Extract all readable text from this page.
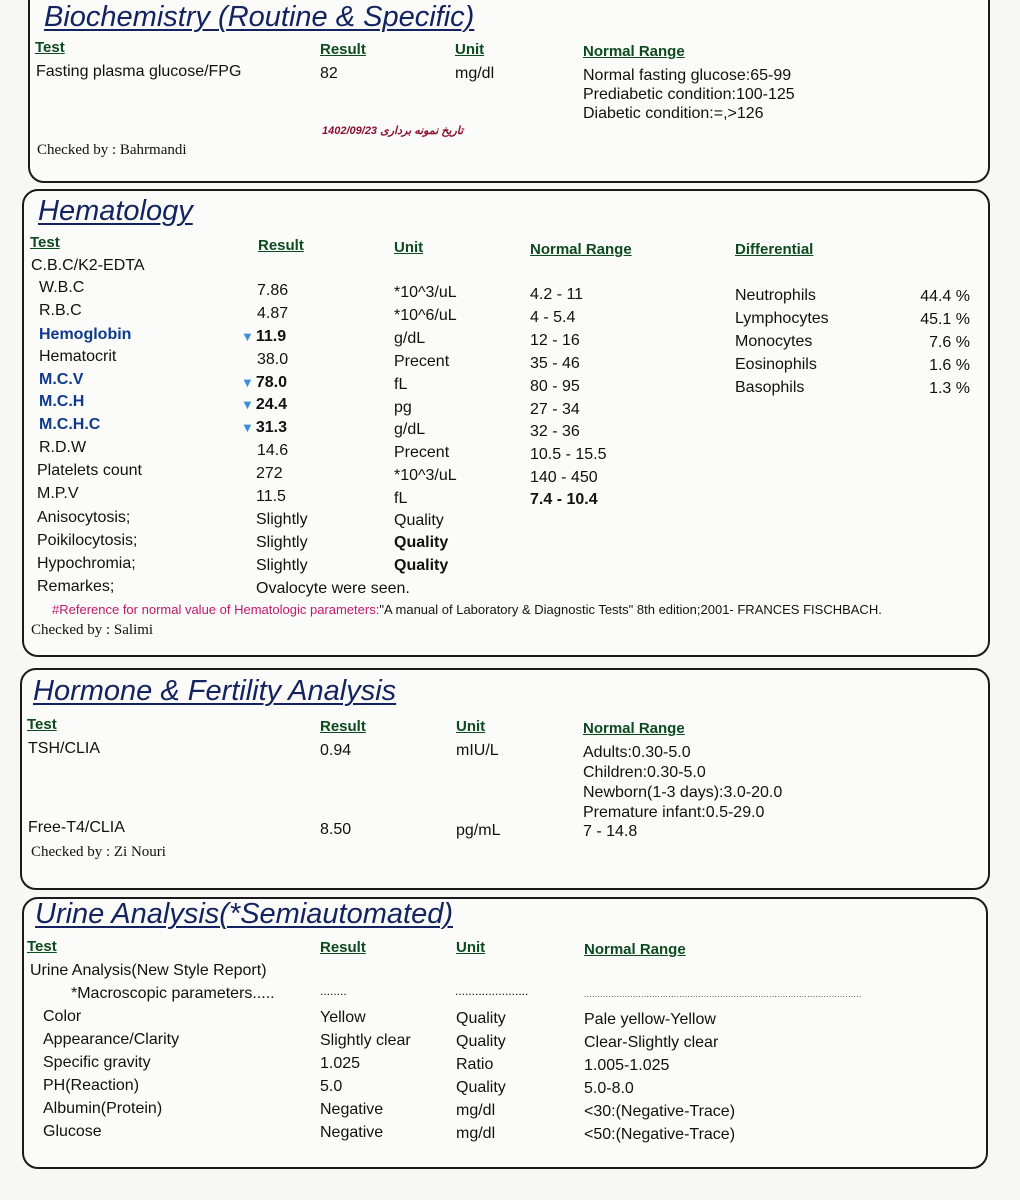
Biochemistry (Routine & Specific)
Test	Result	Unit	Normal Range
Fasting plasma glucose/FPG	82	mg/dl	Normal fasting glucose:65-99
Prediabetic condition:100-125
Diabetic condition:=,>126
1402/09/23 تاریخ نمونه برداری
Checked by : Bahrmandi
Hematology
Test	Result	Unit	Normal Range	Differential
C.B.C/K2-EDTA
W.B.C	7.86	*10^3/uL	4.2 - 11
R.B.C	4.87	*10^6/uL	4 - 5.4
Hemoglobin	▼ 11.9	g/dL	12 - 16
Hematocrit	38.0	Precent	35 - 46
M.C.V	▼ 78.0	fL	80 - 95
M.C.H	▼ 24.4	pg	27 - 34
M.C.H.C	▼ 31.3	g/dL	32 - 36
R.D.W	14.6	Precent	10.5 - 15.5
Platelets count	272	*10^3/uL	140 - 450
M.P.V	11.5	fL	7.4 - 10.4
Anisocytosis;	Slightly	Quality
Poikilocytosis;	Slightly	Quality
Hypochromia;	Slightly	Quality
Remarkes;	Ovalocyte were seen.
Neutrophils	44.4 %
Lymphocytes	45.1 %
Monocytes	7.6 %
Eosinophils	1.6 %
Basophils	1.3 %
#Reference for normal value of Hematologic parameters:"A manual of Laboratory & Diagnostic Tests" 8th edition;2001- FRANCES FISCHBACH.
Checked by : Salimi
Hormone & Fertility Analysis
Test	Result	Unit	Normal Range
TSH/CLIA	0.94	mIU/L	Adults:0.30-5.0
Children:0.30-5.0
Newborn(1-3 days):3.0-20.0
Premature infant:0.5-29.0
Free-T4/CLIA	8.50	pg/mL	7 - 14.8
Checked by : Zi Nouri
Urine Analysis(*Semiautomated)
Test	Result	Unit	Normal Range
Urine Analysis(New Style Report)
*Macroscopic parameters.....	........	......................	......................................................................................................
Color	Yellow	Quality	Pale yellow-Yellow
Appearance/Clarity	Slightly clear	Quality	Clear-Slightly clear
Specific gravity	1.025	Ratio	1.005-1.025
PH(Reaction)	5.0	Quality	5.0-8.0
Albumin(Protein)	Negative	mg/dl	<30:(Negative-Trace)
Glucose	Negative	mg/dl	<50:(Negative-Trace)
